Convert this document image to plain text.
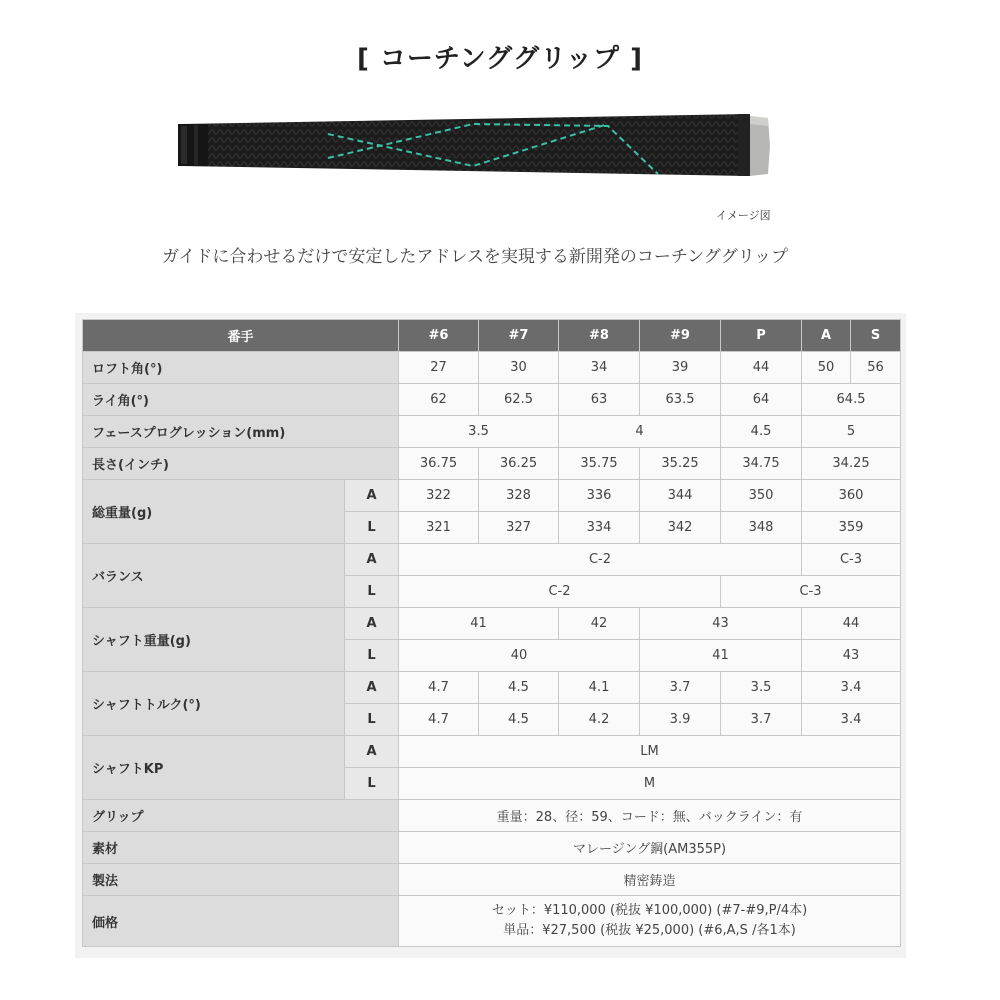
[ コーチンググリップ ]
イメージ図
ガイドに合わせるだけで安定したアドレスを実現する新開発のコーチンググリップ
番手		#6	#7	#8	#9	P	A	S
ロフト角(°)		27	30	34	39	44	50	56
ライ角(°)		62	62.5	63	63.5	64	64.5	
フェースプログレッション(mm)		3.5		4		4.5	5	
長さ(インチ)		36.75	36.25	35.75	35.25	34.75	34.25	
総重量(g)	A	322	328	336	344	350	360	
	L	321	327	334	342	348	359	
バランス	A	C-2					C-3	
	L	C-2				C-3		
シャフト重量(g)	A	41		42	43		44	
	L	40			41		43	
シャフトトルク(°)	A	4.7	4.5	4.1	3.7	3.5	3.4	
	L	4.7	4.5	4.2	3.9	3.7	3.4	
シャフトKP	A	LM						
	L	M						
グリップ		重量：28、径：59、コード：無、バックライン：有						
素材		マレージング鋼(AM355P)						
製法		精密鋳造						
価格		セット：¥110,000 (税抜 ¥100,000) (#7-#9,P/4本)
単品：¥27,500 (税抜 ¥25,000) (#6,A,S /各1本)						
